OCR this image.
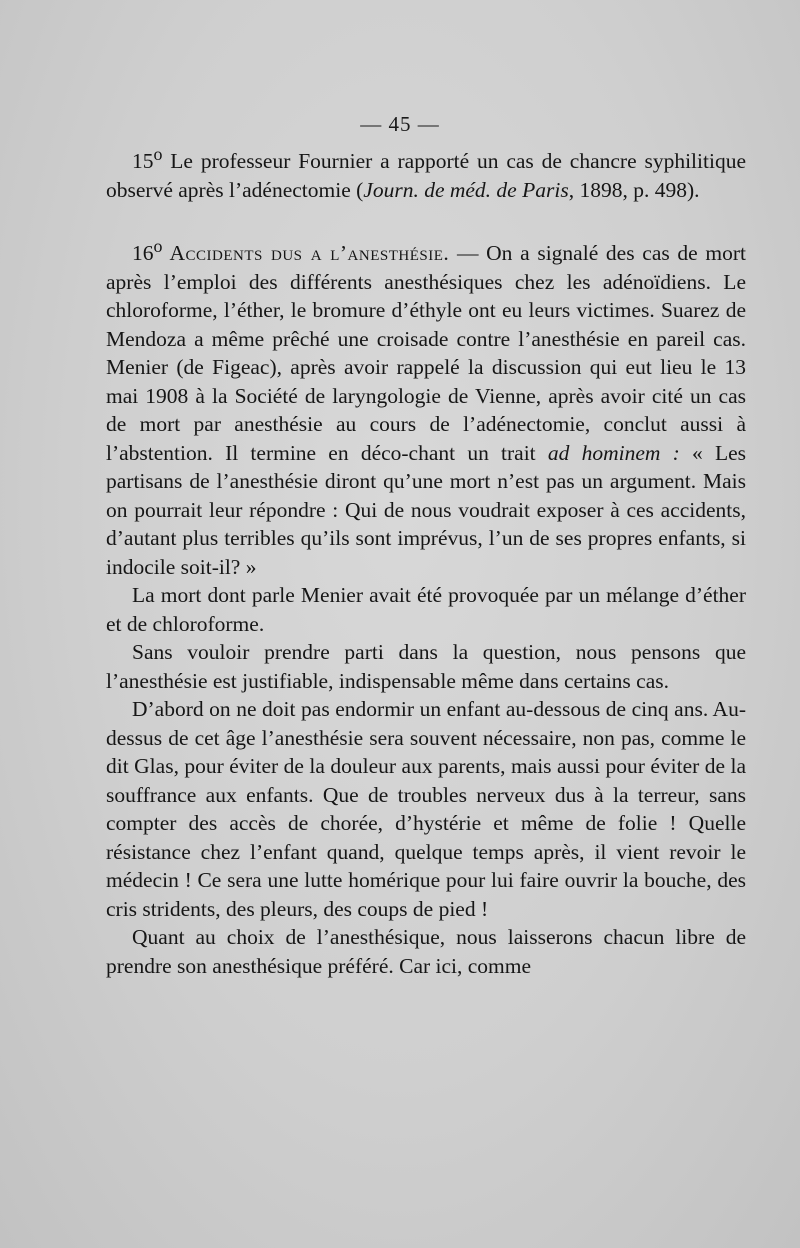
— 45 —

15$^o$ Le professeur Fournier a rapporté un cas de chancre syphilitique observé après l’adénectomie (Journ. de méd. de Paris, 1898, p. 498).

16$^o$ Accidents dus a l’anesthésie. — On a signalé des cas de mort après l’emploi des différents anesthésiques chez les adénoïdiens. Le chloroforme, l’éther, le bromure d’éthyle ont eu leurs victimes. Suarez de Mendoza a même prêché une croisade contre l’anesthésie en pareil cas. Menier (de Figeac), après avoir rappelé la discussion qui eut lieu le 13 mai 1908 à la Société de laryngologie de Vienne, après avoir cité un cas de mort par anesthésie au cours de l’adénectomie, conclut aussi à l’abstention. Il termine en déco-chant un trait ad hominem : « Les partisans de l’anesthésie diront qu’une mort n’est pas un argument. Mais on pourrait leur répondre : Qui de nous voudrait exposer à ces accidents, d’autant plus terribles qu’ils sont imprévus, l’un de ses propres enfants, si indocile soit-il? »

La mort dont parle Menier avait été provoquée par un mélange d’éther et de chloroforme.

Sans vouloir prendre parti dans la question, nous pensons que l’anesthésie est justifiable, indispensable même dans certains cas.

D’abord on ne doit pas endormir un enfant au-dessous de cinq ans. Au-dessus de cet âge l’anesthésie sera souvent nécessaire, non pas, comme le dit Glas, pour éviter de la douleur aux parents, mais aussi pour éviter de la souffrance aux enfants. Que de troubles nerveux dus à la terreur, sans compter des accès de chorée, d’hystérie et même de folie ! Quelle résistance chez l’enfant quand, quelque temps après, il vient revoir le médecin ! Ce sera une lutte homérique pour lui faire ouvrir la bouche, des cris stridents, des pleurs, des coups de pied !

Quant au choix de l’anesthésique, nous laisserons chacun libre de prendre son anesthésique préféré. Car ici, comme
